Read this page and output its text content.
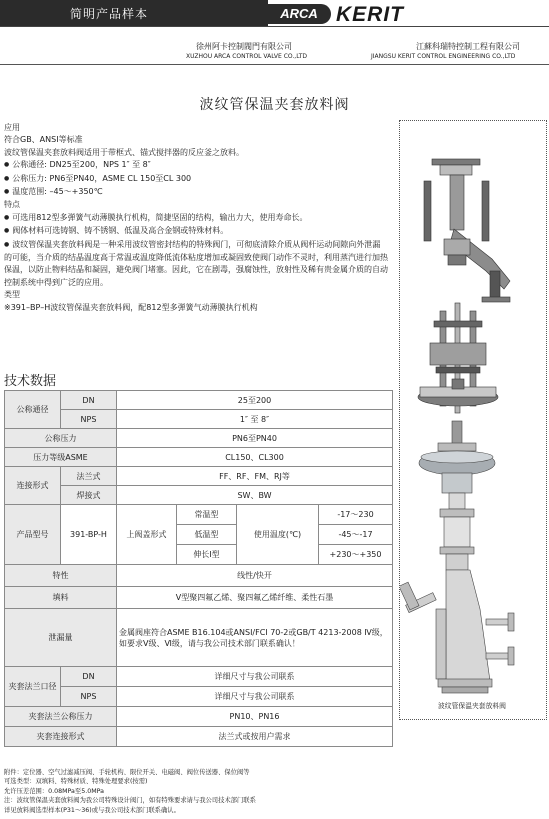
简明产品样本	ARCA KERIT
徐州阿卡控制閥門有限公司
XUZHOU ARCA CONTROL VALVE CO.,LTD
江蘇科瑞特控制工程有限公司
JIANGSU KERIT CONTROL ENGINEERING CO.,LTD
波纹管保温夹套放料阀

应用

符合GB、ANSI等标准

波纹管保温夹套放料阀适用于带框式、锚式搅拌器的反应釜之放料。

● 公称通径: DN25至200，NPS 1″ 至 8″

● 公称压力: PN6至PN40，ASME CL 150至CL 300

● 温度范围: –45～+350℃

特点

● 可选用812型多弹簧气动薄膜执行机构，简捷坚固的结构，输出力大，使用寿命长。

● 阀体材料可选铸钢、铸不锈钢、低温及高合金钢或特殊材料。

● 波纹管保温夹套放料阀是一种采用波纹管密封结构的特殊阀门，可彻底清除介质从阀杆运动间隙向外泄漏的可能，当介质的结晶温度高于常温或温度降低流体粘度增加或凝固致使阀门动作不灵时，利用蒸汽进行加热保温，以防止物料结晶和凝固，避免阀门堵塞。因此，它在剧毒，强腐蚀性，放射性及稀有贵金属介质的自动控制系统中得到广泛的应用。

类型

※391–BP–H波纹管保温夹套放料阀，配812型多弹簧气动薄膜执行机构

技术数据
公称通径	DN	25至200			
	NPS	1″ 至 8″			
公称压力		PN6至PN40			
压力等级ASME		CL150、CL300			
连接形式	法兰式	FF、RF、FM、RJ等			
	焊接式	SW、BW			
产品型号	391-BP-H	上阀盖形式	常温型	使用温度(℃)	-17～230
			低温型		-45～-17
			伸长Ⅰ型		+230～+350
特性		线性/快开			
填料		V型聚四氟乙烯、聚四氟乙烯纤维、柔性石墨			
泄漏量		金属阀座符合ASME B16.104或ANSI/FCI 70-2或GB/T 4213-2008 Ⅳ级，如要求Ⅴ级、Ⅵ级，请与我公司技术部门联系确认！			
夹套法兰口径	DN	详细尺寸与我公司联系			
	NPS	详细尺寸与我公司联系			
夹套法兰公称压力		PN10、PN16			
夹套连接形式		法兰式或按用户需求			
波纹管保温夹套放料阀

附件：定位器、空气过滤减压阀、手轮机构、限位开关、电磁阀、阀位传送器、保位阀等

可选类型：双填料、特殊材质、特殊处理要求(按需)

允许压差范围：0.08MPa至5.0MPa

注：波纹管保温夹套放料阀为我公司特殊设计阀门，如有特殊要求请与我公司技术部门联系

详见放料阀选型样本(P31～36)或与我公司技术部门联系确认。
